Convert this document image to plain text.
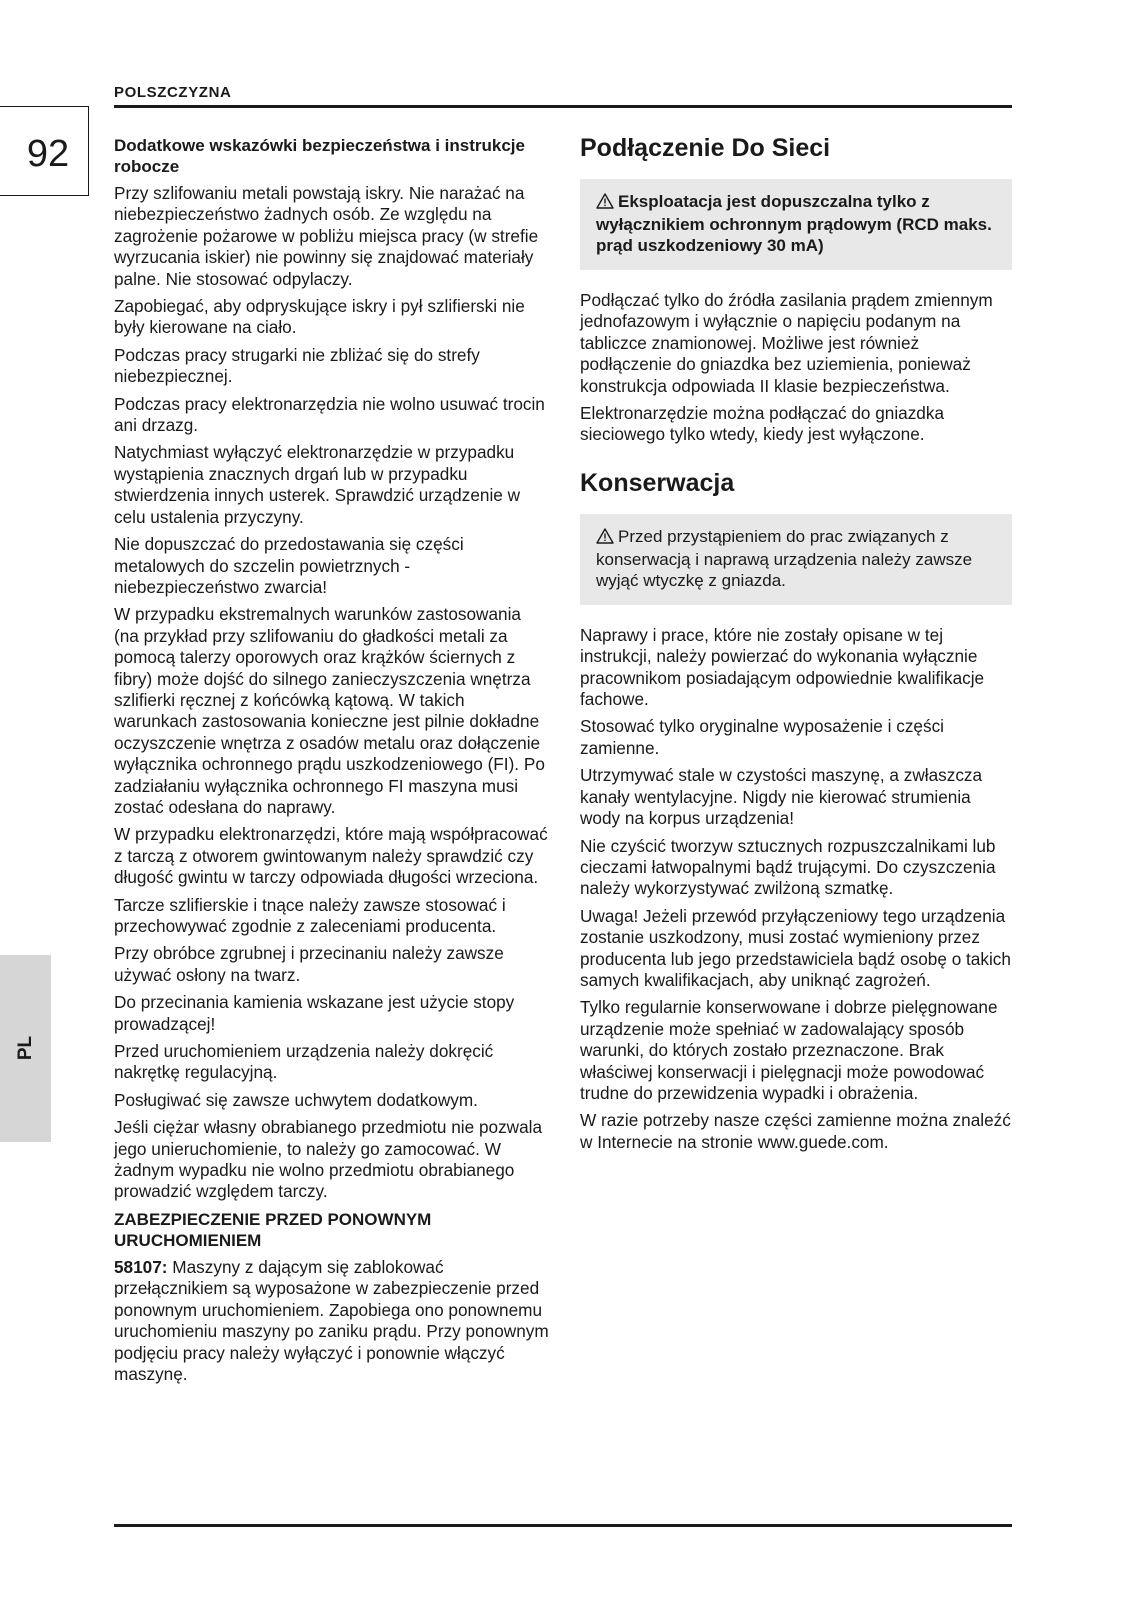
POLSZCZYZNA
92
PL

Dodatkowe wskazówki bezpieczeństwa i instrukcje robocze

Przy szlifowaniu metali powstają iskry. Nie narażać na niebezpieczeństwo żadnych osób. Ze względu na zagrożenie pożarowe w pobliżu miejsca pracy (w strefie wyrzucania iskier) nie powinny się znajdować materiały palne. Nie stosować odpylaczy.

Zapobiegać, aby odpryskujące iskry i pył szlifierski nie były kierowane na ciało.

Podczas pracy strugarki nie zbliżać się do strefy niebezpiecznej.

Podczas pracy elektronarzędzia nie wolno usuwać trocin ani drzazg.

Natychmiast wyłączyć elektronarzędzie w przypadku wystąpienia znacznych drgań lub w przypadku stwierdzenia innych usterek. Sprawdzić urządzenie w celu ustalenia przyczyny.

Nie dopuszczać do przedostawania się części metalowych do szczelin powietrznych - niebezpieczeństwo zwarcia!

W przypadku ekstremalnych warunków zastosowania (na przykład przy szlifowaniu do gładkości metali za pomocą talerzy oporowych oraz krążków ściernych z fibry) może dojść do silnego zanieczyszczenia wnętrza szlifierki ręcznej z końcówką kątową. W takich warunkach zastosowania konieczne jest pilnie dokładne oczyszczenie wnętrza z osadów metalu oraz dołączenie wyłącznika ochronnego prądu uszkodzeniowego (FI). Po zadziałaniu wyłącznika ochronnego FI maszyna musi zostać odesłana do naprawy.

W przypadku elektronarzędzi, które mają współpracować z tarczą z otworem gwintowanym należy sprawdzić czy długość gwintu w tarczy odpowiada długości wrzeciona.

Tarcze szlifierskie i tnące należy zawsze stosować i przechowywać zgodnie z zaleceniami producenta.

Przy obróbce zgrubnej i przecinaniu należy zawsze używać osłony na twarz.

Do przecinania kamienia wskazane jest użycie stopy prowadzącej!

Przed uruchomieniem urządzenia należy dokręcić nakrętkę regulacyjną.

Posługiwać się zawsze uchwytem dodatkowym.

Jeśli ciężar własny obrabianego przedmiotu nie pozwala jego unieruchomienie, to należy go zamocować. W żadnym wypadku nie wolno przedmiotu obrabianego prowadzić względem tarczy.

ZABEZPIECZENIE PRZED PONOWNYM URUCHOMIENIEM

58107: Maszyny z dającym się zablokować przełącznikiem są wyposażone w zabezpieczenie przed ponownym uruchomieniem. Zapobiega ono ponownemu uruchomieniu maszyny po zaniku prądu. Przy ponownym podjęciu pracy należy wyłączyć i ponownie włączyć maszynę.

Podłączenie Do Sieci
Eksploatacja jest dopuszczalna tylko z wyłącznikiem ochronnym prądowym (RCD maks. prąd uszkodzeniowy 30 mA)

Podłączać tylko do źródła zasilania prądem zmiennym jednofazowym i wyłącznie o napięciu podanym na tabliczce znamionowej. Możliwe jest również podłączenie do gniazdka bez uziemienia, ponieważ konstrukcja odpowiada II klasie bezpieczeństwa.

Elektronarzędzie można podłączać do gniazdka sieciowego tylko wtedy, kiedy jest wyłączone.

Konserwacja
Przed przystąpieniem do prac związanych z konserwacją i naprawą urządzenia należy zawsze wyjąć wtyczkę z gniazda.

Naprawy i prace, które nie zostały opisane w tej instrukcji, należy powierzać do wykonania wyłącznie pracownikom posiadającym odpowiednie kwalifikacje fachowe.

Stosować tylko oryginalne wyposażenie i części zamienne.

Utrzymywać stale w czystości maszynę, a zwłaszcza kanały wentylacyjne. Nigdy nie kierować strumienia wody na korpus urządzenia!

Nie czyścić tworzyw sztucznych rozpuszczalnikami lub cieczami łatwopalnymi bądź trującymi. Do czyszczenia należy wykorzystywać zwilżoną szmatkę.

Uwaga! Jeżeli przewód przyłączeniowy tego urządzenia zostanie uszkodzony, musi zostać wymieniony przez producenta lub jego przedstawiciela bądź osobę o takich samych kwalifikacjach, aby uniknąć zagrożeń.

Tylko regularnie konserwowane i dobrze pielęgnowane urządzenie może spełniać w zadowalający sposób warunki, do których zostało przeznaczone. Brak właściwej konserwacji i pielęgnacji może powodować trudne do przewidzenia wypadki i obrażenia.

W razie potrzeby nasze części zamienne można znaleźć w Internecie na stronie www.guede.com.
